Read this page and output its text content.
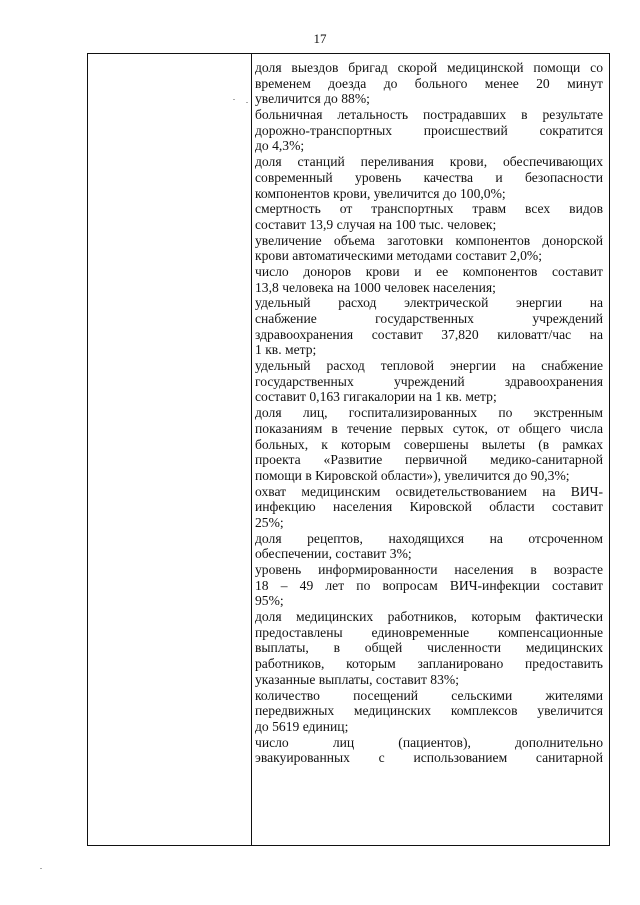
17
доля выездов бригад скорой медицинской помощи со
временем доезда до больного менее 20 минут
увеличится до 88%;
больничная летальность пострадавших в результате
дорожно-транспортных происшествий сократится
до 4,3%;
доля станций переливания крови, обеспечивающих
современный уровень качества и безопасности
компонентов крови, увеличится до 100,0%;
смертность от транспортных травм всех видов
составит 13,9 случая на 100 тыс. человек;
увеличение объема заготовки компонентов донорской
крови автоматическими методами составит 2,0%;
число доноров крови и ее компонентов составит
13,8 человека на 1000 человек населения;
удельный расход электрической энергии на
снабжение государственных учреждений
здравоохранения составит 37,820 киловатт/час на
1 кв. метр;
удельный расход тепловой энергии на снабжение
государственных учреждений здравоохранения
составит 0,163 гигакалории на 1 кв. метр;
доля лиц, госпитализированных по экстренным
показаниям в течение первых суток, от общего числа
больных, к которым совершены вылеты (в рамках
проекта «Развитие первичной медико-санитарной
помощи в Кировской области»), увеличится до 90,3%;
охват медицинским освидетельствованием на ВИЧ-
инфекцию населения Кировской области составит
25%;
доля рецептов, находящихся на отсроченном
обеспечении, составит 3%;
уровень информированности населения в возрасте
18 – 49 лет по вопросам ВИЧ-инфекции составит
95%;
доля медицинских работников, которым фактически
предоставлены единовременные компенсационные
выплаты, в общей численности медицинских
работников, которым запланировано предоставить
указанные выплаты, составит 83%;
количество посещений сельскими жителями
передвижных медицинских комплексов увеличится
до 5619 единиц;
число лиц (пациентов), дополнительно
эвакуированных с использованием санитарной
